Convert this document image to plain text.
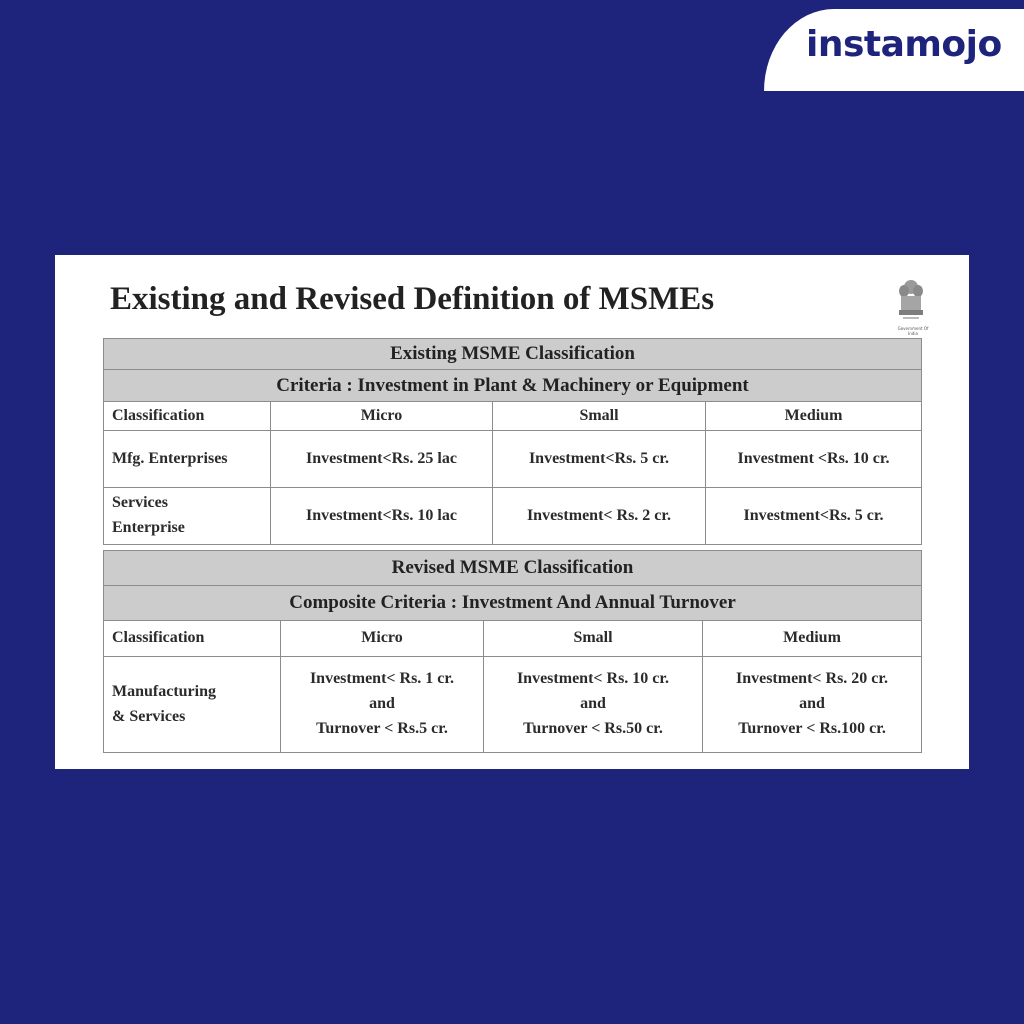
instamojo
Existing and Revised Definition of MSMEs
Government Of India
Existing MSME Classification			
Criteria : Investment in Plant & Machinery or Equipment			
Classification	Micro	Small	Medium
Mfg. Enterprises	Investment<Rs. 25 lac	Investment<Rs. 5 cr.	Investment <Rs. 10 cr.
Services
Enterprise	Investment<Rs. 10 lac	Investment< Rs. 2 cr.	Investment<Rs. 5 cr.
Revised MSME Classification			
Composite Criteria : Investment And Annual Turnover			
Classification	Micro	Small	Medium
Manufacturing
& Services	Investment< Rs. 1 cr.
and
Turnover < Rs.5 cr.	Investment< Rs. 10 cr.
and
Turnover < Rs.50 cr.	Investment< Rs. 20 cr.
and
Turnover < Rs.100 cr.
